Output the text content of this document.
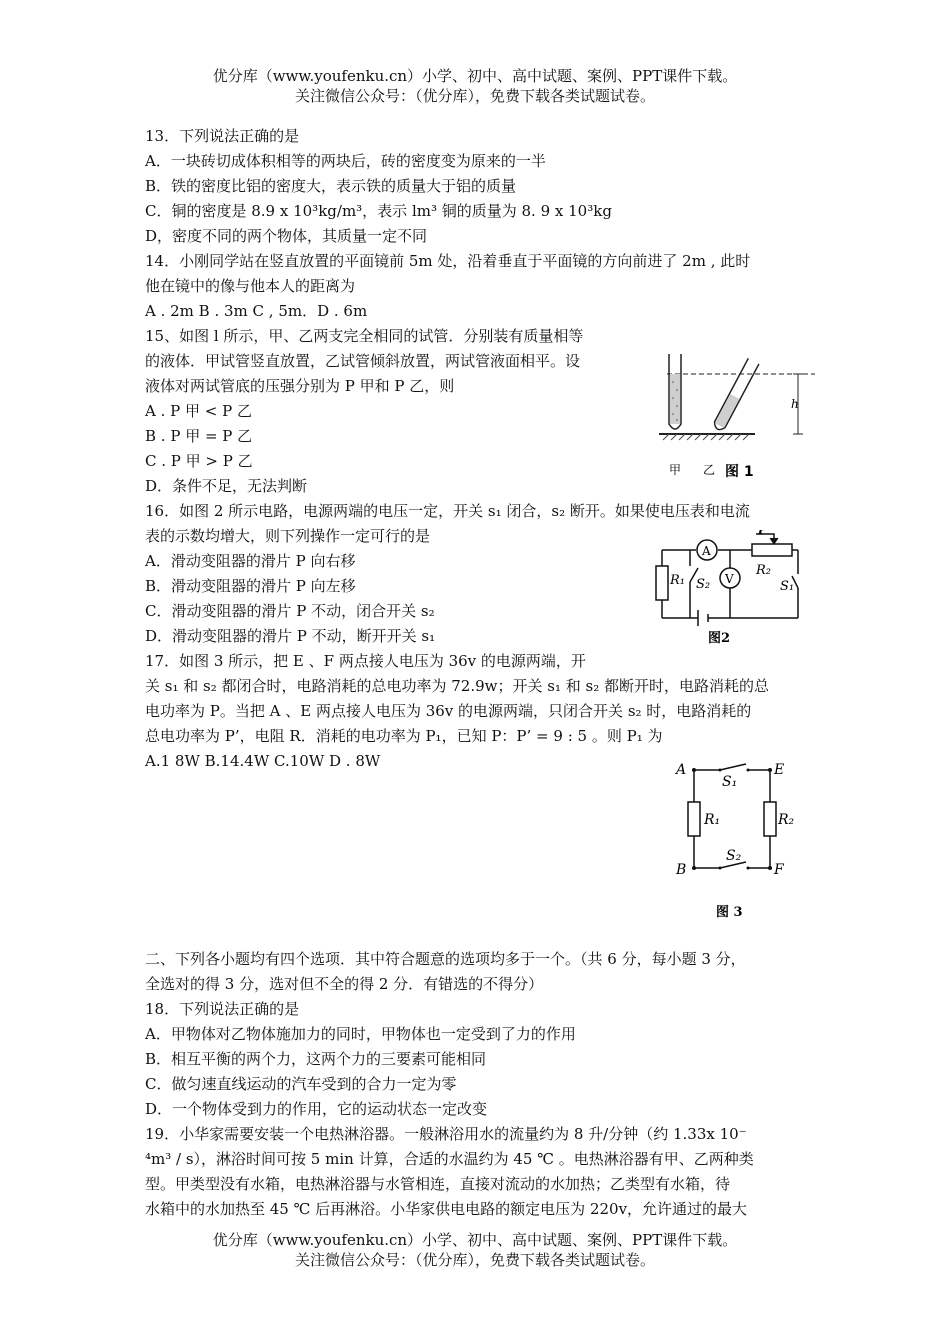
优分库（www.youfenku.cn）小学、初中、高中试题、案例、PPT课件下载。
关注微信公众号：（优分库），免费下载各类试题试卷。
13．下列说法正确的是
A．一块砖切成体积相等的两块后，砖的密度变为原来的一半
B．铁的密度比铝的密度大，表示铁的质量大于铝的质量
C．铜的密度是 8.9 x 10³kg/m³，表示 lm³ 铜的质量为 8. 9 x 10³kg
D，密度不同的两个物体，其质量一定不同
14．小刚同学站在竖直放置的平面镜前 5m 处，沿着垂直于平面镜的方向前进了 2m , 此时
他在镜中的像与他本人的距离为
A . 2m B . 3m C , 5m．D . 6m
15、如图 l 所示，甲、乙两支完全相同的试管．分别装有质量相等
的液体．甲试管竖直放置，乙试管倾斜放置，两试管液面相平。设
液体对两试管底的压强分别为 P 甲和 P 乙，则
A . P 甲 < P 乙
B . P 甲 = P 乙
C . P 甲 > P 乙
D．条件不足，无法判断
h
甲 乙 图 1
16．如图 2 所示电路，电源两端的电压一定，开关 s₁ 闭合，s₂ 断开。如果使电压表和电流
表的示数均增大，则下列操作一定可行的是
A．滑动变阻器的滑片 P 向右移
B．滑动变阻器的滑片 P 向左移
C．滑动变阻器的滑片 P 不动，闭合开关 s₂
D．滑动变阻器的滑片 P 不动，断开开关 s₁
A
V
P
R₂
R₁ S₂	S₁
图2
17．如图 3 所示，把 E 、F 两点接人电压为 36v 的电源两端，开
关 s₁ 和 s₂ 都闭合时，电路消耗的总电功率为 72.9w；开关 s₁ 和 s₂ 都断开时，电路消耗的总
电功率为 P。当把 A 、E 两点接人电压为 36v 的电源两端，只闭合开关 s₂ 时，电路消耗的
总电功率为 P’，电阻 R．消耗的电功率为 P₁，已知 P：P’ = 9 : 5 。则 P₁ 为
A.1 8W B.14.4W C.10W D . 8W	A	E
B	F
S₁
S₂
R₁	R₂
图 3
二、下列各小题均有四个选项．其中符合题意的选项均多于一个。（共 6 分，每小题 3 分，
全选对的得 3 分，选对但不全的得 2 分．有错选的不得分）
18．下列说法正确的是
A．甲物体对乙物体施加力的同时，甲物体也一定受到了力的作用
B．相互平衡的两个力，这两个力的三要素可能相同
C．做匀速直线运动的汽车受到的合力一定为零
D．一个物体受到力的作用，它的运动状态一定改变
19．小华家需要安装一个电热淋浴器。一般淋浴用水的流量约为 8 升/分钟（约 1.33x 10⁻
⁴m³ / s），淋浴时间可按 5 min 计算，合适的水温约为 45 ℃ 。电热淋浴器有甲、乙两种类
型。甲类型没有水箱，电热淋浴器与水管相连，直接对流动的水加热；乙类型有水箱，待
水箱中的水加热至 45 ℃ 后再淋浴。小华家供电电路的额定电压为 220v，允许通过的最大
优分库（www.youfenku.cn）小学、初中、高中试题、案例、PPT课件下载。
关注微信公众号：（优分库），免费下载各类试题试卷。
